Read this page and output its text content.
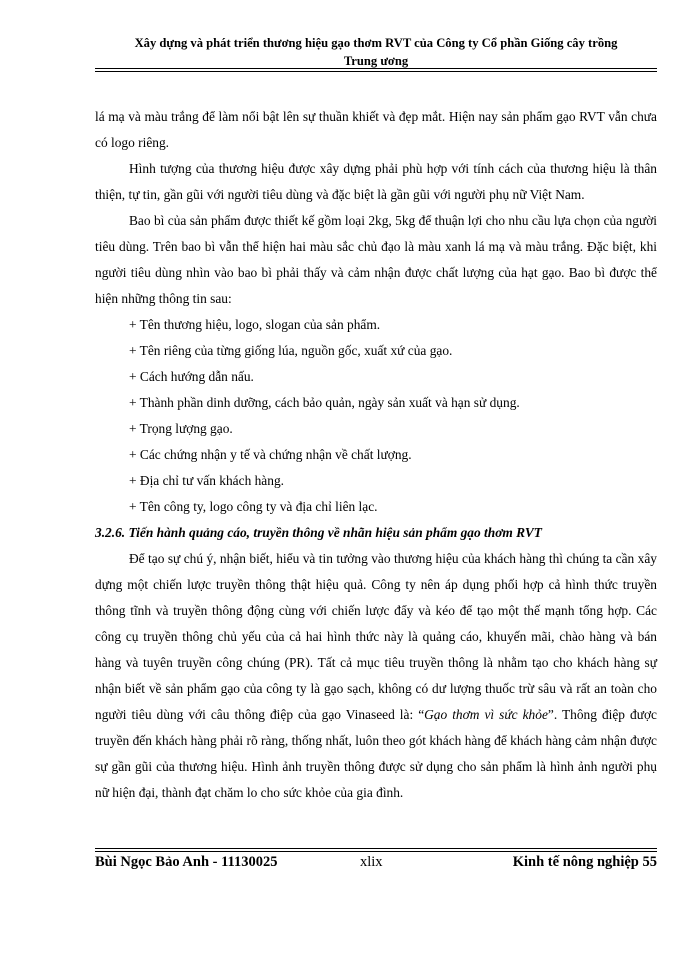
Xây dựng và phát triển thương hiệu gạo thơm RVT của Công ty Cổ phần Giống cây trồng
Trung ương

lá mạ và màu trắng để làm nổi bật lên sự thuần khiết và đẹp mắt. Hiện nay sản phẩm gạo RVT vẫn chưa có logo riêng.

Hình tượng của thương hiệu được xây dựng phải phù hợp với tính cách của thương hiệu là thân thiện, tự tin, gần gũi với người tiêu dùng và đặc biệt là gần gũi với người phụ nữ Việt Nam.

Bao bì của sản phẩm được thiết kế gồm loại 2kg, 5kg để thuận lợi cho nhu cầu lựa chọn của người tiêu dùng. Trên bao bì vẫn thể hiện hai màu sắc chủ đạo là màu xanh lá mạ và màu trắng. Đặc biệt, khi người tiêu dùng nhìn vào bao bì phải thấy và cảm nhận được chất lượng của hạt gạo. Bao bì được thể hiện những thông tin sau:

+ Tên thương hiệu, logo, slogan của sản phẩm.

+ Tên riêng của từng giống lúa, nguồn gốc, xuất xứ của gạo.

+ Cách hướng dẫn nấu.

+ Thành phần dinh dưỡng, cách bảo quản, ngày sản xuất và hạn sử dụng.

+ Trọng lượng gạo.

+ Các chứng nhận y tế và chứng nhận về chất lượng.

+ Địa chỉ tư vấn khách hàng.

+ Tên công ty, logo công ty và địa chỉ liên lạc.

3.2.6. Tiến hành quảng cáo, truyền thông về nhãn hiệu sản phẩm gạo thơm RVT

Để tạo sự chú ý, nhận biết, hiểu và tin tưởng vào thương hiệu của khách hàng thì chúng ta cần xây dựng một chiến lược truyền thông thật hiệu quả. Công ty nên áp dụng phối hợp cả hình thức truyền thông tĩnh và truyền thông động cùng với chiến lược đẩy và kéo để tạo một thế mạnh tổng hợp. Các công cụ truyền thông chủ yếu của cả hai hình thức này là quảng cáo, khuyến mãi, chào hàng và bán hàng và tuyên truyền công chúng (PR). Tất cả mục tiêu truyền thông là nhằm tạo cho khách hàng sự nhận biết về sản phẩm gạo của công ty là gạo sạch, không có dư lượng thuốc trừ sâu và rất an toàn cho người tiêu dùng với câu thông điệp của gạo Vinaseed là: “Gạo thơm vì sức khỏe”. Thông điệp được truyền đến khách hàng phải rõ ràng, thống nhất, luôn theo gót khách hàng để khách hàng cảm nhận được sự gần gũi của thương hiệu. Hình ảnh truyền thông được sử dụng cho sản phẩm là hình ảnh người phụ nữ hiện đại, thành đạt chăm lo cho sức khỏe của gia đình.

Bùi Ngọc Bảo Anh - 11130025	xlix	Kinh tế nông nghiệp 55
